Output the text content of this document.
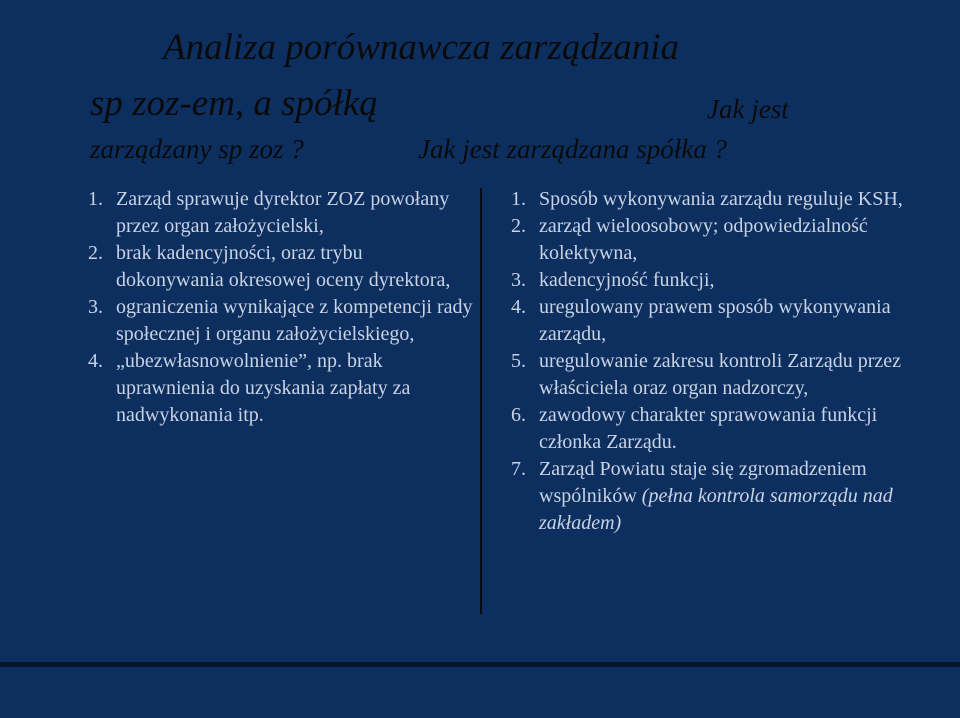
Analiza porównawcza zarządzania
sp zoz-em, a spółką	Jak jest
zarządzany sp zoz ?	Jak jest zarządzana spółka ?
1. Zarząd sprawuje dyrektor ZOZ powołany przez organ założycielski,
2. brak kadencyjności, oraz trybu dokonywania okresowej oceny dyrektora,
3. ograniczenia wynikające z kompetencji rady społecznej i organu założycielskiego,
4. „ubezwłasnowolnienie”, np. brak uprawnienia do uzyskania zapłaty za nadwykonania itp.
1. Sposób wykonywania zarządu reguluje KSH,
2. zarząd wieloosobowy; odpowiedzialność kolektywna,
3. kadencyjność funkcji,
4. uregulowany prawem sposób wykonywania zarządu,
5. uregulowanie zakresu kontroli Zarządu przez właściciela oraz organ nadzorczy,
6. zawodowy charakter sprawowania funkcji członka Zarządu.
7. Zarząd Powiatu staje się zgromadzeniem wspólników (pełna kontrola samorządu nad zakładem)
